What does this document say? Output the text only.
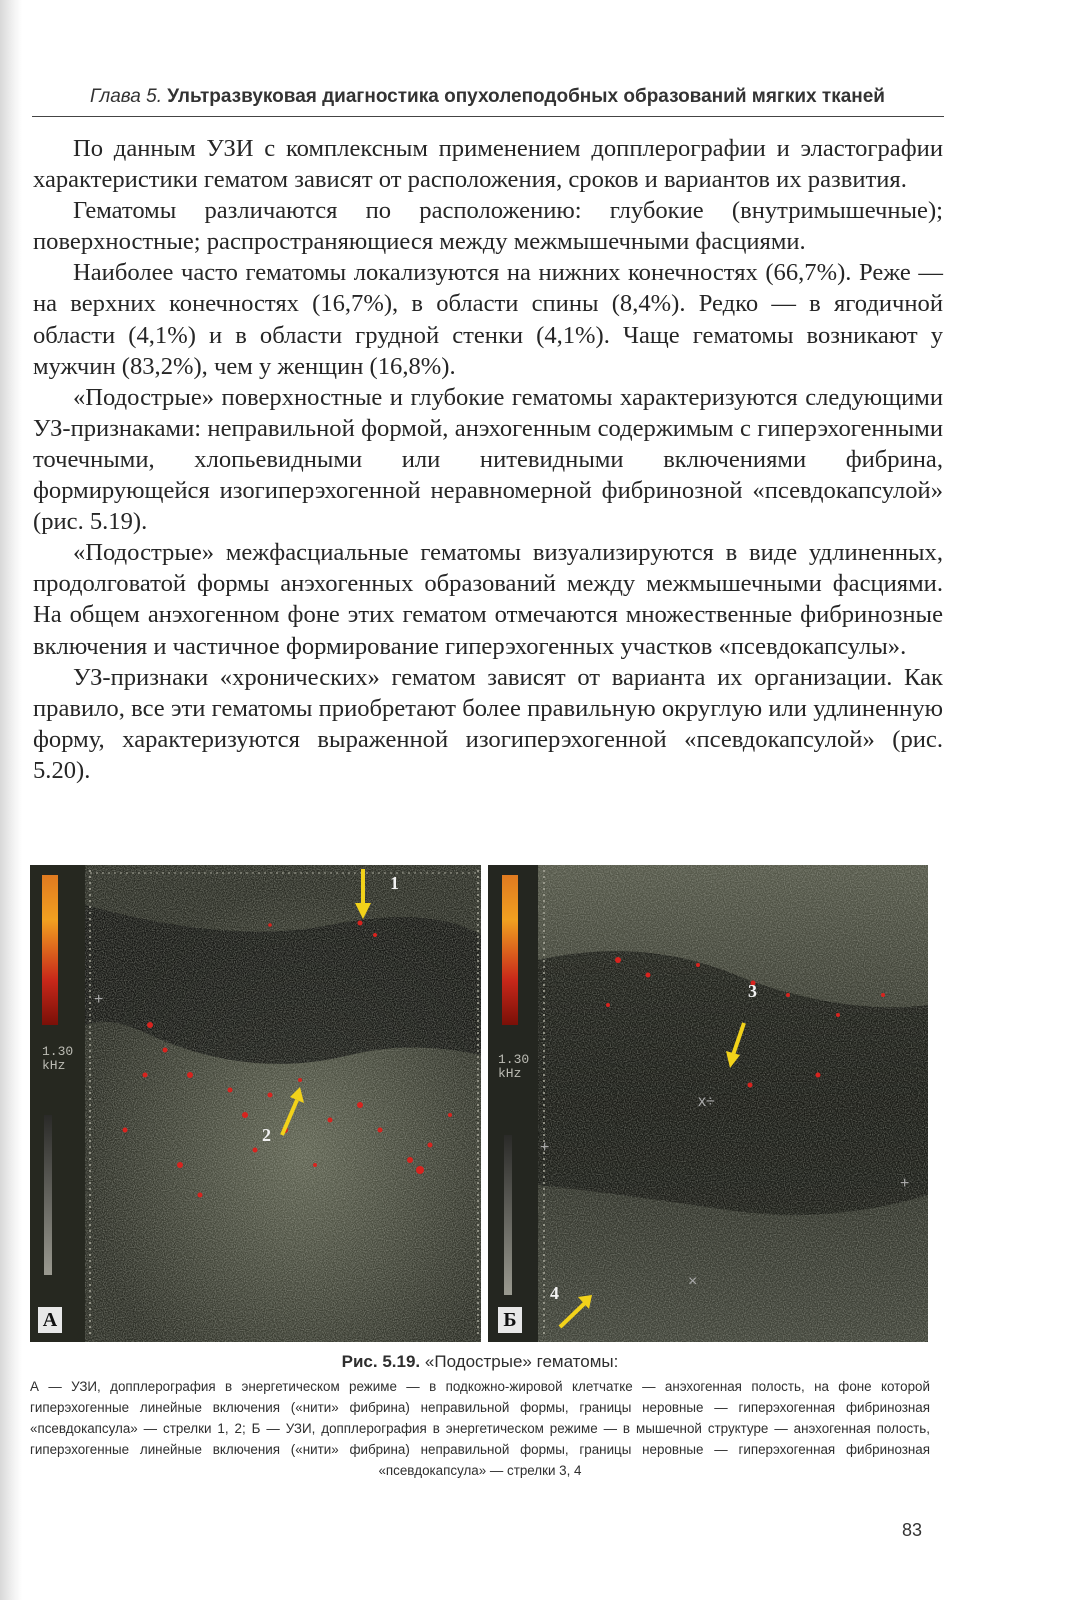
Глава 5. Ультразвуковая диагностика опухолеподобных образований мягких тканей

По данным УЗИ с комплексным применением допплерографии и эластографии характеристики гематом зависят от расположения, сроков и вариантов их развития.

Гематомы различаются по расположению: глубокие (внутримышечные); поверхностные; распространяющиеся между межмышечными фасциями.

Наиболее часто гематомы локализуются на нижних конечностях (66,7%). Реже — на верхних конечностях (16,7%), в области спины (8,4%). Редко — в ягодичной области (4,1%) и в области грудной стенки (4,1%). Чаще гематомы возникают у мужчин (83,2%), чем у женщин (16,8%).

«Подострые» поверхностные и глубокие гематомы характеризуются следующими УЗ-признаками: неправильной формой, анэхогенным содержимым с гиперэхогенными точечными, хлопьевидными или нитевидными включениями фибрина, формирующейся изогиперэхогенной неравномерной фибринозной «псевдокапсулой» (рис. 5.19).

«Подострые» межфасциальные гематомы визуализируются в виде удлиненных, продолговатой формы анэхогенных образований между межмышечными фасциями. На общем анэхогенном фоне этих гематом отмечаются множественные фибринозные включения и частичное формирование гиперэхогенных участков «псевдокапсулы».

УЗ-признаки «хронических» гематом зависят от варианта их организации. Как правило, все эти гематомы приобретают более правильную округлую или удлиненную форму, характеризуются выраженной изогиперэхогенной «псевдокапсулой» (рис. 5.20).

1.30
kHz
1
2
+
А
1.30
kHz
3
4
x÷
×
+
+
Б
Рис. 5.19. «Подострые» гематомы:
А — УЗИ, допплерография в энергетическом режиме — в подкожно-жировой клетчатке — анэхогенная полость, на фоне которой гиперэхогенные линейные включения («нити» фибрина) неправильной формы, границы неровные — гиперэхогенная фибринозная «псевдокапсула» — стрелки 1, 2; Б — УЗИ, допплерография в энергетическом режиме — в мышечной структуре — анэхогенная полость, гиперэхогенные линейные включения («нити» фибрина) неправильной формы, границы неровные — гиперэхогенная фибринозная «псевдокапсула» — стрелки 3, 4
83
